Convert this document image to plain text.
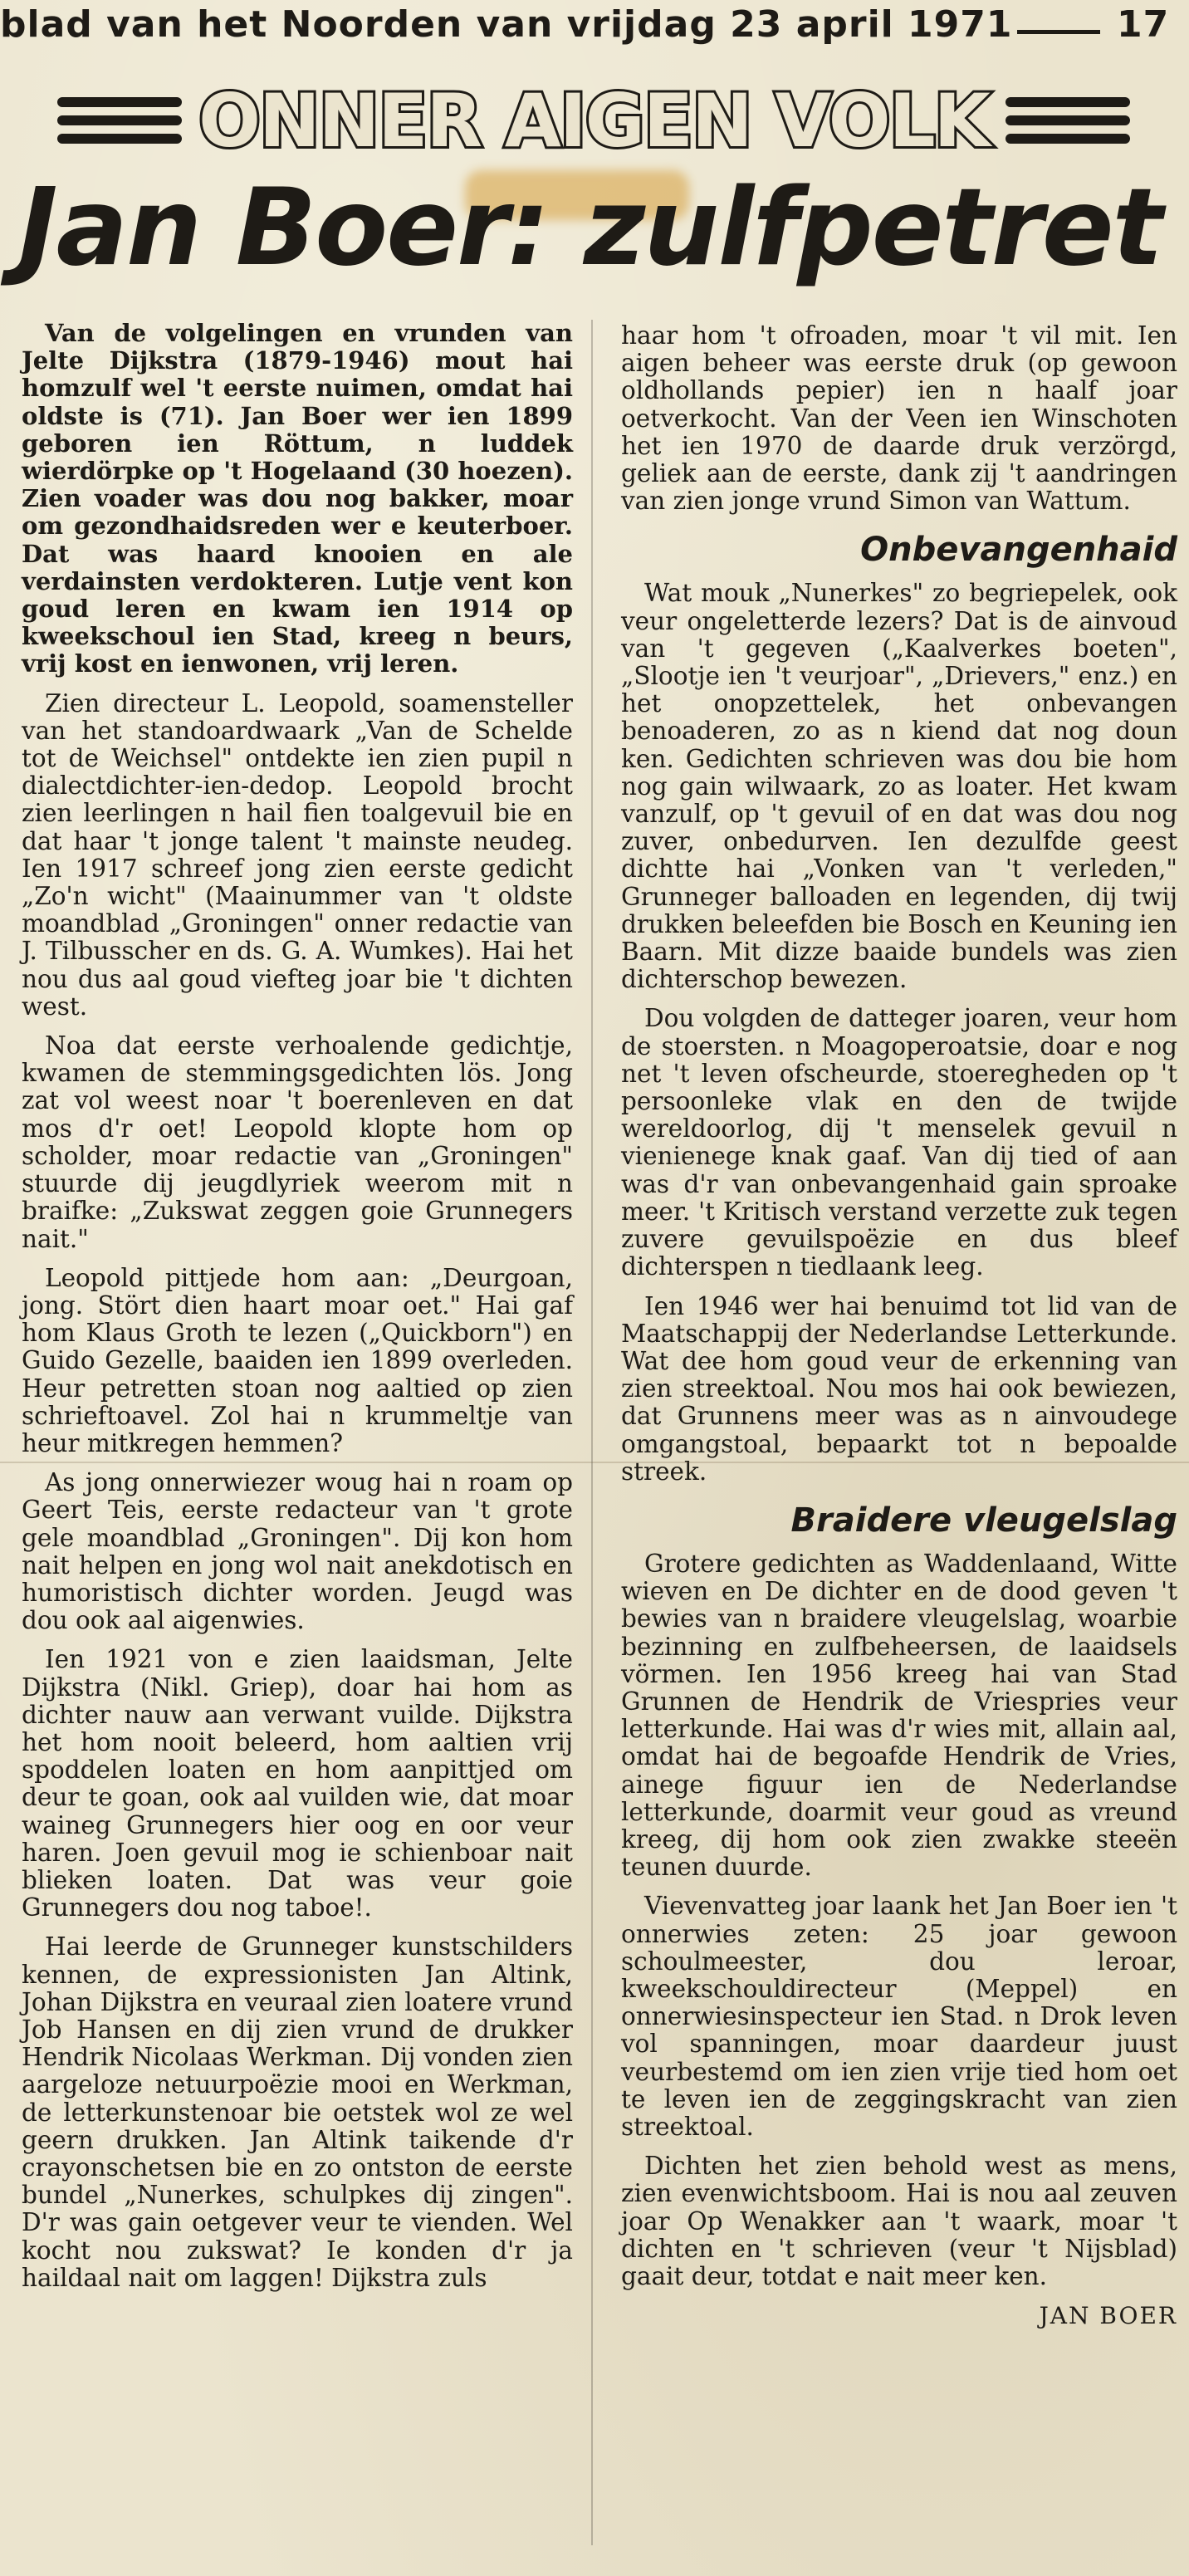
blad van het Noorden van vrijdag 23 april 1971	17
ONNER AIGEN VOLK
Jan Boer: zulfpetret

Van de volgelingen en vrunden van Jelte Dijkstra (1879-1946) mout hai homzulf wel 't eerste nuimen, omdat hai oldste is (71). Jan Boer wer ien 1899 geboren ien Röttum, n luddek wierdörpke op 't Hogelaand (30 hoezen). Zien voader was dou nog bakker, moar om gezondhaidsreden wer e keuterboer. Dat was haard knooien en ale verdainsten verdokteren. Lutje vent kon goud leren en kwam ien 1914 op kweekschoul ien Stad, kreeg n beurs, vrij kost en ienwonen, vrij leren.

Zien directeur L. Leopold, soamensteller van het standoardwaark „Van de Schelde tot de Weichsel" ontdekte ien zien pupil n dialectdichter-ien-dedop. Leopold brocht zien leerlingen n hail fien toalgevuil bie en dat haar 't jonge talent 't mainste neudeg. Ien 1917 schreef jong zien eerste gedicht „Zo'n wicht" (Maainummer van 't oldste moandblad „Groningen" onner redactie van J. Tilbusscher en ds. G. A. Wumkes). Hai het nou dus aal goud viefteg joar bie 't dichten west.

Noa dat eerste verhoalende gedichtje, kwamen de stemmingsgedichten lös. Jong zat vol weest noar 't boerenleven en dat mos d'r oet! Leopold klopte hom op scholder, moar redactie van „Groningen" stuurde dij jeugdlyriek weerom mit n braifke: „Zukswat zeggen goie Grunnegers nait."

Leopold pittjede hom aan: „Deurgoan, jong. Stört dien haart moar oet." Hai gaf hom Klaus Groth te lezen („Quickborn") en Guido Gezelle, baaiden ien 1899 overleden. Heur petretten stoan nog aaltied op zien schrieftoavel. Zol hai n krummeltje van heur mitkregen hemmen?

As jong onnerwiezer woug hai n roam op Geert Teis, eerste redacteur van 't grote gele moandblad „Groningen". Dij kon hom nait helpen en jong wol nait anekdotisch en humoristisch dichter worden. Jeugd was dou ook aal aigenwies.

Ien 1921 von e zien laaidsman, Jelte Dijkstra (Nikl. Griep), doar hai hom as dichter nauw aan verwant vuilde. Dijkstra het hom nooit beleerd, hom aaltien vrij spoddelen loaten en hom aanpittjed om deur te goan, ook aal vuilden wie, dat moar waineg Grunnegers hier oog en oor veur haren. Joen gevuil mog ie schienboar nait blieken loaten. Dat was veur goie Grunnegers dou nog taboe!.

Hai leerde de Grunneger kunstschilders kennen, de expressionisten Jan Altink, Johan Dijkstra en veuraal zien loatere vrund Job Hansen en dij zien vrund de drukker Hendrik Nicolaas Werkman. Dij vonden zien aargeloze netuurpoëzie mooi en Werkman, de letterkunstenoar bie oetstek wol ze wel geern drukken. Jan Altink taikende d'r crayonschetsen bie en zo ontston de eerste bundel „Nunerkes, schulpkes dij zingen". D'r was gain oetgever veur te vienden. Wel kocht nou zukswat? Ie konden d'r ja haildaal nait om laggen! Dijkstra zuls

haar hom 't ofroaden, moar 't vil mit. Ien aigen beheer was eerste druk (op gewoon oldhollands pepier) ien n haalf joar oetverkocht. Van der Veen ien Winschoten het ien 1970 de daarde druk verzörgd, geliek aan de eerste, dank zij 't aandringen van zien jonge vrund Simon van Wattum.

Onbevangenhaid

Wat mouk „Nunerkes" zo begriepelek, ook veur ongeletterde lezers? Dat is de ainvoud van 't gegeven („Kaalverkes boeten", „Slootje ien 't veurjoar", „Drievers," enz.) en het onopzettelek, het onbevangen benoaderen, zo as n kiend dat nog doun ken. Gedichten schrieven was dou bie hom nog gain wilwaark, zo as loater. Het kwam vanzulf, op 't gevuil of en dat was dou nog zuver, onbedurven. Ien dezulfde geest dichtte hai „Vonken van 't verleden," Grunneger balloaden en legenden, dij twij drukken beleefden bie Bosch en Keuning ien Baarn. Mit dizze baaide bundels was zien dichterschop bewezen.

Dou volgden de datteger joaren, veur hom de stoersten. n Moagoperoatsie, doar e nog net 't leven ofscheurde, stoeregheden op 't persoonleke vlak en den de twijde wereldoorlog, dij 't menselek gevuil n vienienege knak gaaf. Van dij tied of aan was d'r van onbevangenhaid gain sproake meer. 't Kritisch verstand verzette zuk tegen zuvere gevuilspoëzie en dus bleef dichterspen n tiedlaank leeg.

Ien 1946 wer hai benuimd tot lid van de Maatschappij der Nederlandse Letterkunde. Wat dee hom goud veur de erkenning van zien streektoal. Nou mos hai ook bewiezen, dat Grunnens meer was as n ainvoudege omgangstoal, bepaarkt tot n bepoalde streek.

Braidere vleugelslag

Grotere gedichten as Waddenlaand, Witte wieven en De dichter en de dood geven 't bewies van n braidere vleugelslag, woarbie bezinning en zulfbeheersen, de laaidsels vörmen. Ien 1956 kreeg hai van Stad Grunnen de Hendrik de Vriespries veur letterkunde. Hai was d'r wies mit, allain aal, omdat hai de begoafde Hendrik de Vries, ainege figuur ien de Nederlandse letterkunde, doarmit veur goud as vreund kreeg, dij hom ook zien zwakke steeën teunen duurde.

Vievenvatteg joar laank het Jan Boer ien 't onnerwies zeten: 25 joar gewoon schoulmeester, dou leroar, kweekschouldirecteur (Meppel) en onnerwiesinspecteur ien Stad. n Drok leven vol spanningen, moar daardeur juust veurbestemd om ien zien vrije tied hom oet te leven ien de zeggingskracht van zien streektoal.

Dichten het zien behold west as mens, zien evenwichtsboom. Hai is nou aal zeuven joar Op Wenakker aan 't waark, moar 't dichten en 't schrieven (veur 't Nijsblad) gaait deur, totdat e nait meer ken.

JAN BOER
